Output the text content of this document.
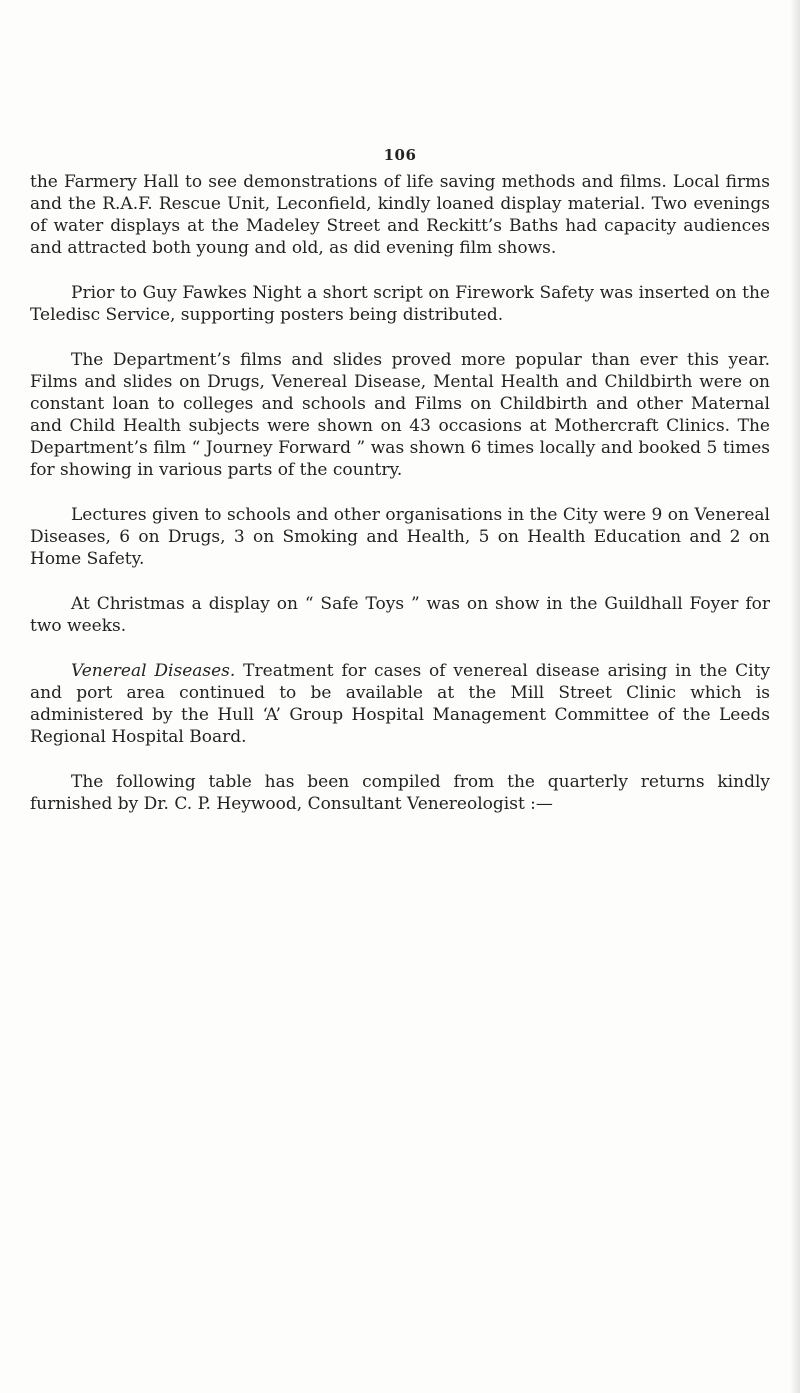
106

the Farmery Hall to see demonstrations of life saving methods and films. Local firms and the R.A.F. Rescue Unit, Leconfield, kindly loaned display material. Two evenings of water displays at the Madeley Street and Reckitt’s Baths had capacity audiences and attracted both young and old, as did evening film shows.

Prior to Guy Fawkes Night a short script on Firework Safety was inserted on the Teledisc Service, supporting posters being distributed.

The Department’s films and slides proved more popular than ever this year. Films and slides on Drugs, Venereal Disease, Mental Health and Childbirth were on constant loan to colleges and schools and Films on Childbirth and other Maternal and Child Health subjects were shown on 43 occasions at Mothercraft Clinics. The Department’s film “ Journey Forward ” was shown 6 times locally and booked 5 times for showing in various parts of the country.

Lectures given to schools and other organisations in the City were 9 on Venereal Diseases, 6 on Drugs, 3 on Smoking and Health, 5 on Health Education and 2 on Home Safety.

At Christmas a display on “ Safe Toys ” was on show in the Guildhall Foyer for two weeks.

Venereal Diseases. Treatment for cases of venereal disease arising in the City and port area continued to be available at the Mill Street Clinic which is administered by the Hull ‘A’ Group Hospital Management Committee of the Leeds Regional Hospital Board.

The following table has been compiled from the quarterly returns kindly furnished by Dr. C. P. Heywood, Consultant Venereologist :—
